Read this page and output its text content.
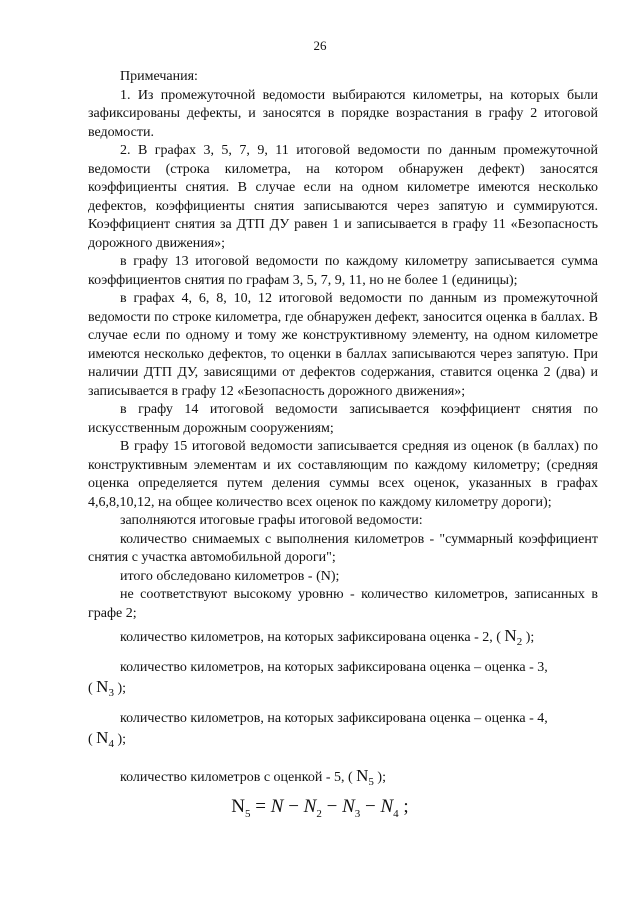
26

Примечания:

1. Из промежуточной ведомости выбираются километры, на которых были зафиксированы дефекты, и заносятся в порядке возрастания в графу 2 итоговой ведомости.

2. В графах 3, 5, 7, 9, 11 итоговой ведомости по данным промежуточной ведомости (строка километра, на котором обнаружен дефект) заносятся коэффициенты снятия. В случае если на одном километре имеются несколько дефектов, коэффициенты снятия записываются через запятую и суммируются. Коэффициент снятия за ДТП ДУ равен 1 и записывается в графу 11 «Безопасность дорожного движения»;

в графу 13 итоговой ведомости по каждому километру записывается сумма коэффициентов снятия по графам 3, 5, 7, 9, 11, но не более 1 (единицы);

в графах 4, 6, 8, 10, 12 итоговой ведомости по данным из промежуточной ведомости по строке километра, где обнаружен дефект, заносится оценка в баллах. В случае если по одному и тому же конструктивному элементу, на одном километре имеются несколько дефектов, то оценки в баллах записываются через запятую. При наличии ДТП ДУ, зависящими от дефектов содержания, ставится оценка 2 (два) и записывается в графу 12 «Безопасность дорожного движения»;

в графу 14 итоговой ведомости записывается коэффициент снятия по искусственным дорожным сооружениям;

В графу 15 итоговой ведомости записывается средняя из оценок (в баллах) по конструктивным элементам и их составляющим по каждому километру; (средняя оценка определяется путем деления суммы всех оценок, указанных в графах 4,6,8,10,12, на общее количество всех оценок по каждому километру дороги);

заполняются итоговые графы итоговой ведомости:

количество снимаемых с выполнения километров - "суммарный коэффициент снятия с участка автомобильной дороги";

итого обследовано километров - (N);

не соответствуют высокому уровню - количество километров, записанных в графе 2;

количество километров, на которых зафиксирована оценка - 2, ( $N_2$ );

количество километров, на которых зафиксирована оценка – оценка - 3,
( $N_3$ );

количество километров, на которых зафиксирована оценка – оценка - 4,
( $N_4$ );

количество километров с оценкой - 5, ( $N_5$ );

$N_5 = N - N_2 - N_3 - N_4$ ;
